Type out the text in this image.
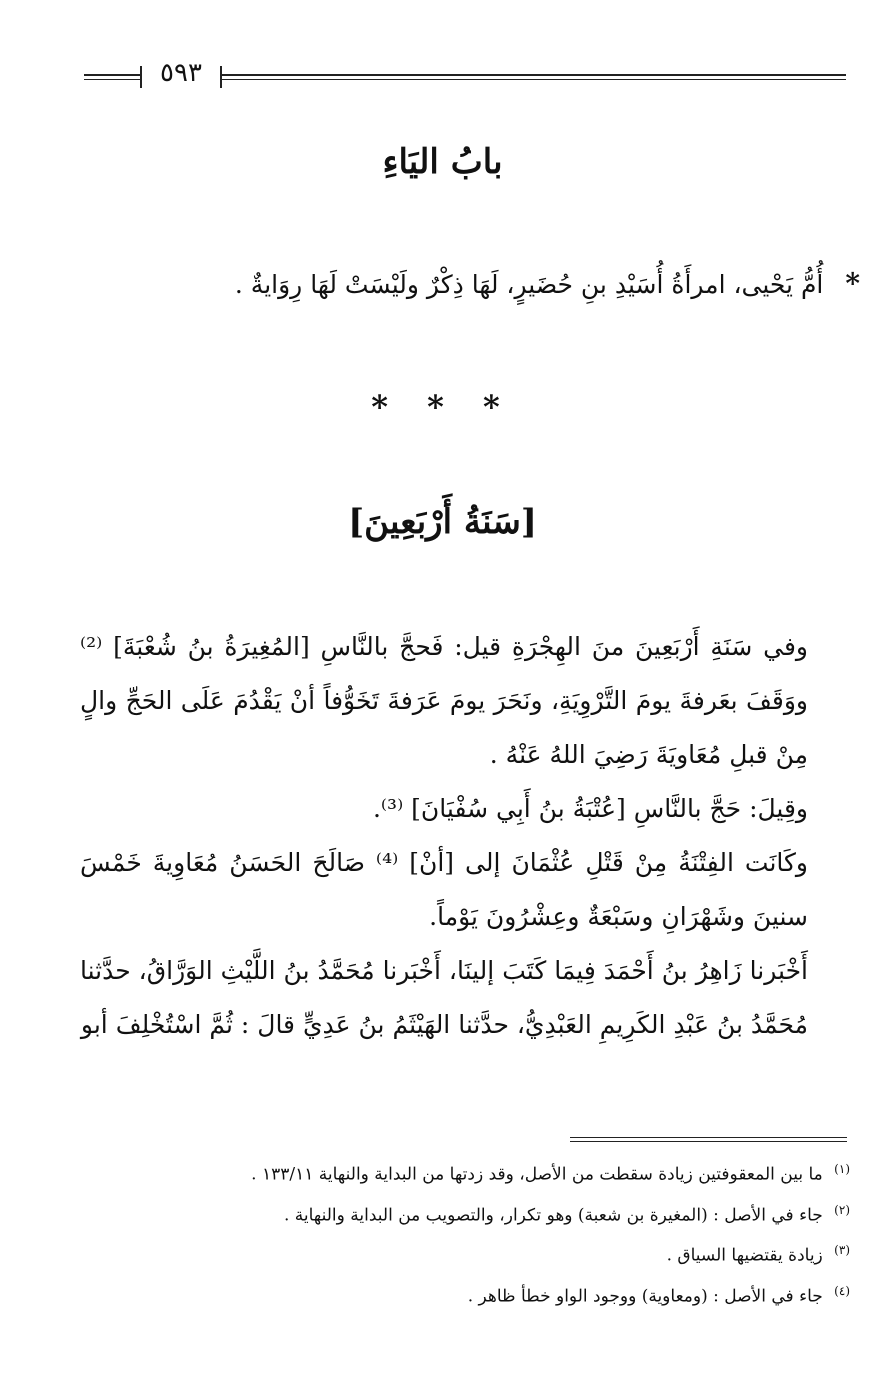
٥٩٣
بابُ اليَاءِ
* أُمُّ يَحْيى، امرأَةُ أُسَيْدِ بنِ حُضَيرٍ، لَهَا ذِكْرٌ ولَيْسَتْ لَهَا رِوَايةٌ .
* * *
[سَنَةُ أَرْبَعِينَ]

وفي سَنَةِ أَرْبَعِينَ منَ الهِجْرَةِ قيل: فَحجَّ بالنَّاسِ [المُغِيرَةُ بنُ شُعْبَةَ] ⁽²⁾ ووَقَفَ بعَرفةَ يومَ التَّرْوِيَةِ، ونَحَرَ يومَ عَرَفةَ تَخَوُّفاً أنْ يَقْدُمَ عَلَى الحَجِّ والٍ مِنْ قبلِ مُعَاويَةَ رَضِيَ اللهُ عَنْهُ .

وقِيلَ: حَجَّ بالنَّاسِ [عُتْبَةُ بنُ أَبِي سُفْيَانَ] ⁽³⁾.

وكَانَت الفِتْنَةُ مِنْ قَتْلِ عُثْمَانَ إلى [أنْ] ⁽⁴⁾ صَالَحَ الحَسَنُ مُعَاوِيةَ خَمْسَ سنينَ وشَهْرَانِ وسَبْعَةٌ وعِشْرُونَ يَوْماً.

أَخْبَرنا زَاهِرُ بنُ أَحْمَدَ فِيمَا كَتَبَ إلينَا، أَخْبَرنا مُحَمَّدُ بنُ اللَّيْثِ الوَرَّاقُ، حدَّثنا مُحَمَّدُ بنُ عَبْدِ الكَرِيمِ العَبْدِيُّ، حدَّثنا الهَيْثَمُ بنُ عَدِيٍّ قالَ : ثُمَّ اسْتُخْلِفَ أبو

$^{(١)}$ ما بين المعقوفتين زيادة سقطت من الأصل، وقد زدتها من البداية والنهاية ١٣٣/١١ .
$^{(٢)}$ جاء في الأصل : (المغيرة بن شعبة) وهو تكرار، والتصويب من البداية والنهاية .
$^{(٣)}$ زيادة يقتضيها السياق .
$^{(٤)}$ جاء في الأصل : (ومعاوية) ووجود الواو خطأ ظاهر .
